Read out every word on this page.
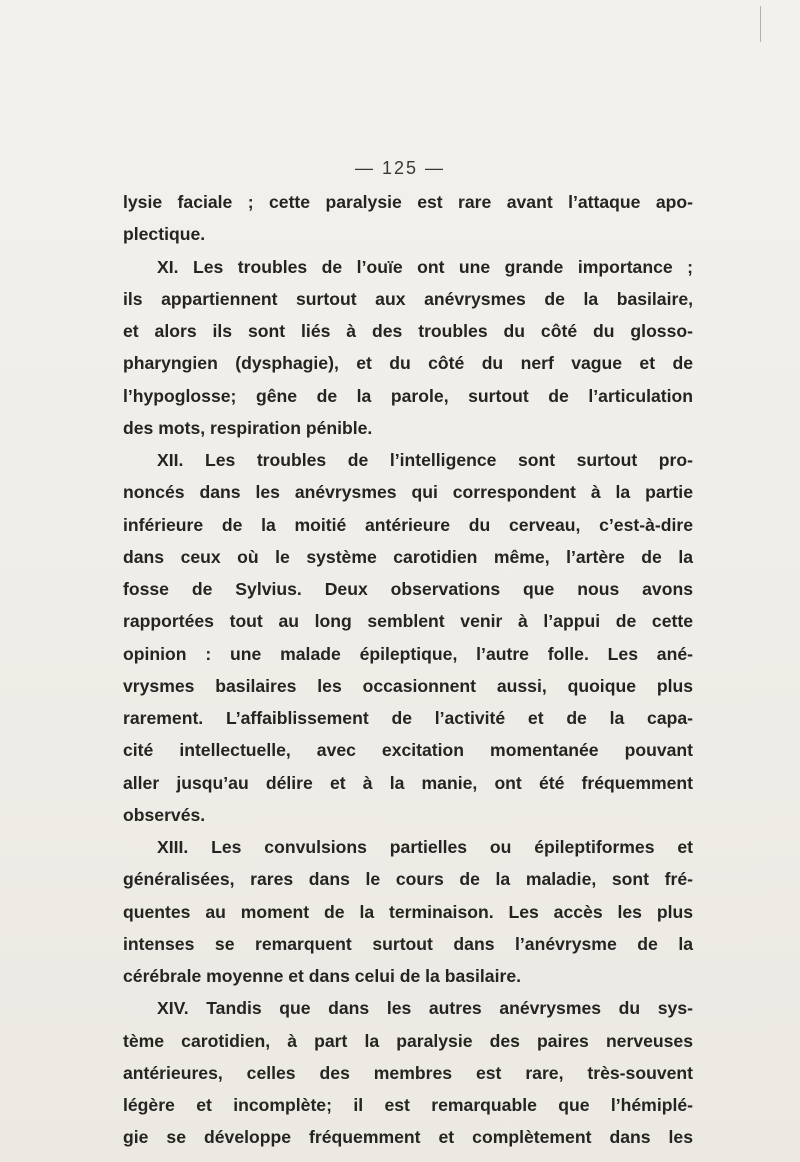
— 125 —
lysie faciale ; cette paralysie est rare avant l’attaque apo-
plectique.
XI. Les troubles de l’ouïe ont une grande importance ;
ils appartiennent surtout aux anévrysmes de la basilaire,
et alors ils sont liés à des troubles du côté du glosso-
pharyngien (dysphagie), et du côté du nerf vague et de
l’hypoglosse; gêne de la parole, surtout de l’articulation
des mots, respiration pénible.
XII. Les troubles de l’intelligence sont surtout pro-
noncés dans les anévrysmes qui correspondent à la partie
inférieure de la moitié antérieure du cerveau, c’est-à-dire
dans ceux où le système carotidien même, l’artère de la
fosse de Sylvius. Deux observations que nous avons
rapportées tout au long semblent venir à l’appui de cette
opinion : une malade épileptique, l’autre folle. Les ané-
vrysmes basilaires les occasionnent aussi, quoique plus
rarement. L’affaiblissement de l’activité et de la capa-
cité intellectuelle, avec excitation momentanée pouvant
aller jusqu’au délire et à la manie, ont été fréquemment
observés.
XIII. Les convulsions partielles ou épileptiformes et
généralisées, rares dans le cours de la maladie, sont fré-
quentes au moment de la terminaison. Les accès les plus
intenses se remarquent surtout dans l’anévrysme de la
cérébrale moyenne et dans celui de la basilaire.
XIV. Tandis que dans les autres anévrysmes du sys-
tème carotidien, à part la paralysie des paires nerveuses
antérieures, celles des membres est rare, très-souvent
légère et incomplète; il est remarquable que l’hémiplé-
gie se développe fréquemment et complètement dans les
